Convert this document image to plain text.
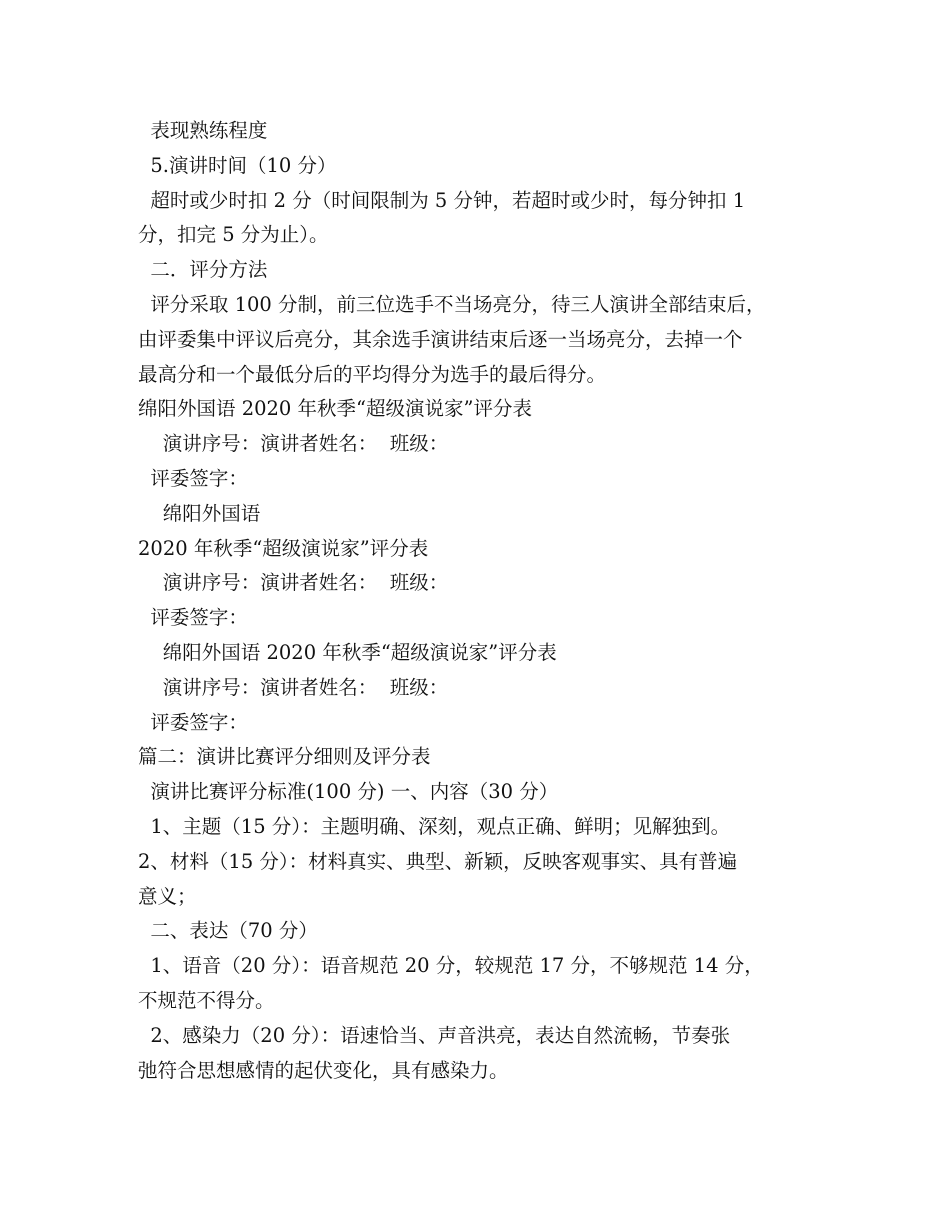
表现熟练程度
5.演讲时间（10 分）
超时或少时扣 2 分（时间限制为 5 分钟，若超时或少时，每分钟扣 1
分，扣完 5 分为止）。
二．评分方法
评分采取 100 分制，前三位选手不当场亮分，待三人演讲全部结束后，
由评委集中评议后亮分，其余选手演讲结束后逐一当场亮分，去掉一个
最高分和一个最低分后的平均得分为选手的最后得分。
绵阳外国语 2020 年秋季“超级演说家”评分表
演讲序号：演讲者姓名：  班级：
评委签字：
绵阳外国语
2020 年秋季“超级演说家”评分表
演讲序号：演讲者姓名：  班级：
评委签字：
绵阳外国语 2020 年秋季“超级演说家”评分表
演讲序号：演讲者姓名：  班级：
评委签字：
篇二：演讲比赛评分细则及评分表
演讲比赛评分标准(100 分) 一、内容（30 分）
1、主题（15 分）：主题明确、深刻，观点正确、鲜明；见解独到。
2、材料（15 分）：材料真实、典型、新颖，反映客观事实、具有普遍
意义；
二、表达（70 分）
1、语音（20 分）：语音规范 20 分，较规范 17 分，不够规范 14 分，
不规范不得分。
2、感染力（20 分）：语速恰当、声音洪亮，表达自然流畅，节奏张
弛符合思想感情的起伏变化，具有感染力。
